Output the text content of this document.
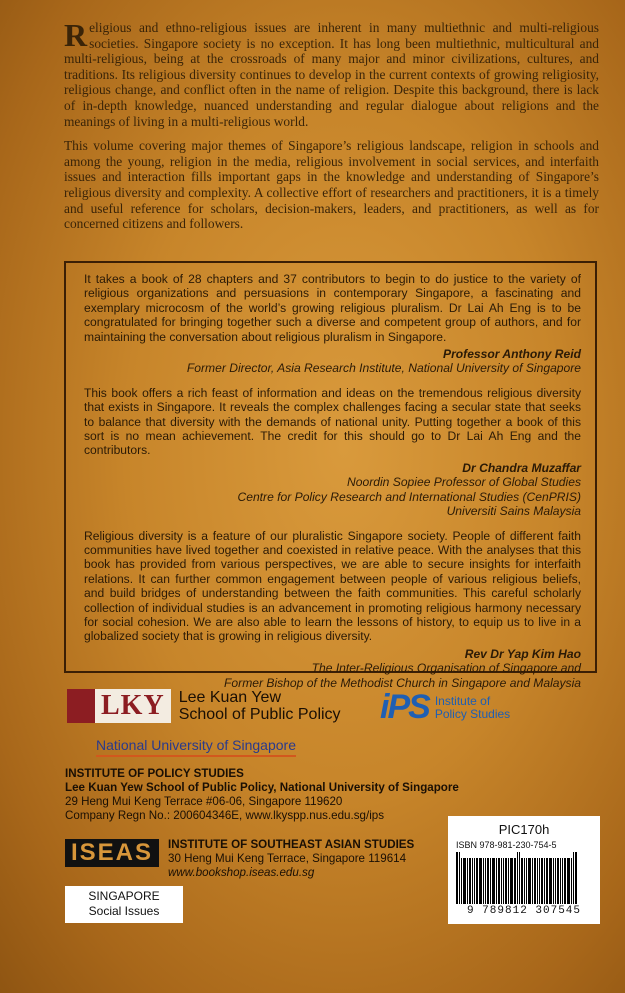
Religious and ethno-religious issues are inherent in many multiethnic and multi-religious societies. Singapore society is no exception. It has long been multiethnic, multicultural and multi-religious, being at the crossroads of many major and minor civilizations, cultures, and traditions. Its religious diversity continues to develop in the current contexts of growing religiosity, religious change, and conflict often in the name of religion. Despite this background, there is lack of in-depth knowledge, nuanced understanding and regular dialogue about religions and the meanings of living in a multi-religious world.

This volume covering major themes of Singapore’s religious landscape, religion in schools and among the young, religion in the media, religious involvement in social services, and interfaith issues and interaction fills important gaps in the knowledge and understanding of Singapore’s religious diversity and complexity. A collective effort of researchers and practitioners, it is a timely and useful reference for scholars, decision-makers, leaders, and practitioners, as well as for concerned citizens and followers.

It takes a book of 28 chapters and 37 contributors to begin to do justice to the variety of religious organizations and persuasions in contemporary Singapore, a fascinating and exemplary microcosm of the world’s growing religious pluralism. Dr Lai Ah Eng is to be congratulated for bringing together such a diverse and competent group of authors, and for maintaining the conversation about religious pluralism in Singapore.
Professor Anthony Reid
Former Director, Asia Research Institute, National University of Singapore
This book offers a rich feast of information and ideas on the tremendous religious diversity that exists in Singapore. It reveals the complex challenges facing a secular state that seeks to balance that diversity with the demands of national unity. Putting together a book of this sort is no mean achievement. The credit for this should go to Dr Lai Ah Eng and the contributors.
Dr Chandra Muzaffar
Noordin Sopiee Professor of Global Studies
Centre for Policy Research and International Studies (CenPRIS)
Universiti Sains Malaysia
Religious diversity is a feature of our pluralistic Singapore society. People of different faith communities have lived together and coexisted in relative peace. With the analyses that this book has provided from various perspectives, we are able to secure insights for interfaith relations. It can further common engagement between people of various religious beliefs, and build bridges of understanding between the faith communities. This careful scholarly collection of individual studies is an advancement in promoting religious harmony necessary for social cohesion. We are also able to learn the lessons of history, to equip us to live in a globalized society that is growing in religious diversity.
Rev Dr Yap Kim Hao
The Inter-Religious Organisation of Singapore and
Former Bishop of the Methodist Church in Singapore and Malaysia
LKY Lee Kuan Yew
School of Public Policy
National University of Singapore
iPS Institute of
Policy Studies
INSTITUTE OF POLICY STUDIES
Lee Kuan Yew School of Public Policy, National University of Singapore
29 Heng Mui Keng Terrace #06-06, Singapore 119620
Company Regn No.: 200604346E, www.lkyspp.nus.edu.sg/ips
ISEAS	INSTITUTE OF SOUTHEAST ASIAN STUDIES
30 Heng Mui Keng Terrace, Singapore 119614
www.bookshop.iseas.edu.sg
SINGAPORE
Social Issues
PIC170h
ISBN 978-981-230-754-5
9 789812 307545
